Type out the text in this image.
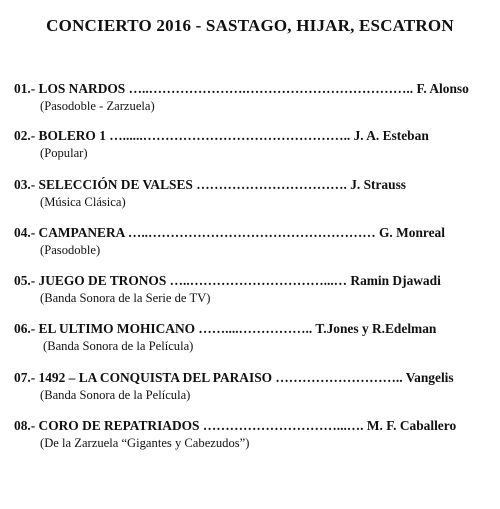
CONCIERTO 2016 - SASTAGO, HIJAR, ESCATRON
01.- LOS NARDOS …..………………….……………………………….. F. Alonso
(Pasodoble - Zarzuela)
02.- BOLERO 1 …......……………………………………….. J. A. Esteban
(Popular)
03.- SELECCIÓN DE VALSES ……………………………. J. Strauss
(Música Clásica)
04.- CAMPANERA …..…………………………………………… G. Monreal
(Pasodoble)
05.- JUEGO DE TRONOS …..…………………………...… Ramin Djawadi
(Banda Sonora de la Serie de TV)
06.- EL ULTIMO MOHICANO ……....…………….. T.Jones y R.Edelman
(Banda Sonora de la Película)
07.- 1492 – LA CONQUISTA DEL PARAISO ……………………….. Vangelis
(Banda Sonora de la Película)
08.- CORO DE REPATRIADOS …………………………...…. M. F. Caballero
(De la Zarzuela “Gigantes y Cabezudos”)
